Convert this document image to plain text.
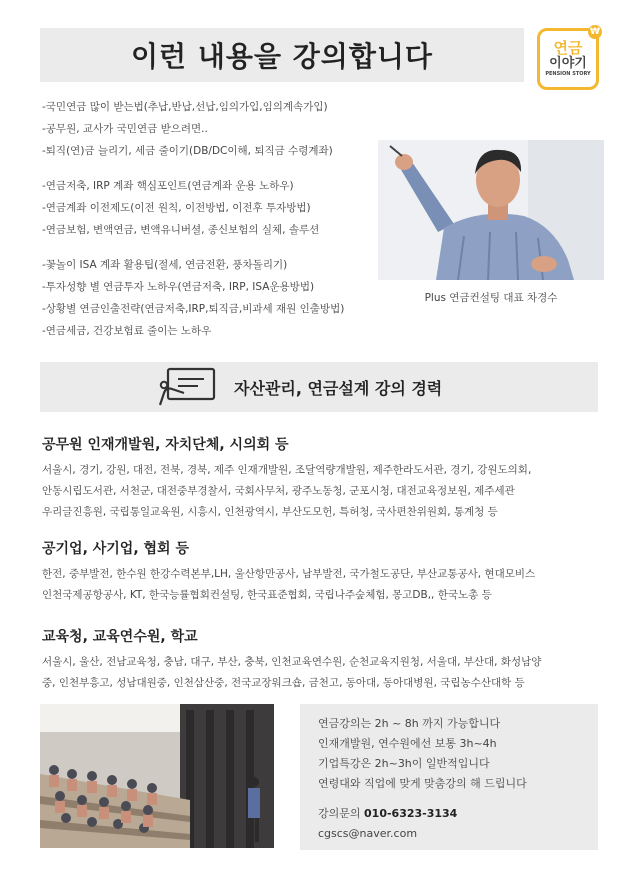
이런 내용을 강의합니다
₩
연금
이야기
PENSION STORY

-국민연금 많이 받는법(추납,반납,선납,임의가입,임의계속가입)

-공무원, 교사가 국민연금 받으려면..

-퇴직(연)금 늘리기, 세금 줄이기(DB/DC이해, 퇴직금 수령계좌)

-연금저축, IRP 계좌 핵심포인트(연금계좌 운용 노하우)

-연금계좌 이전제도(이전 원칙, 이전방법, 이전후 투자방법)

-연금보험, 변액연금, 변액유니버셜, 종신보험의 실체, 솔루션

-꽃놀이 ISA 계좌 활용팁(절세, 연금전환, 풍차돌리기)

-투자성향 별 연금투자 노하우(연금저축, IRP, ISA운용방법)

-상황별 연금인출전략(연금저축,IRP,퇴직금,비과세 재원 인출방법)

-연금세금, 건강보험료 줄이는 노하우

Plus 연금컨설팅 대표 차경수

자산관리, 연금설계 강의 경력
공무원 인재개발원, 자치단체, 시의회 등

서울시, 경기, 강원, 대전, 전북, 경북, 제주 인재개발원, 조달역량개발원, 제주한라도서관, 경기, 강원도의회,

안동시립도서관, 서천군, 대전중부경찰서, 국회사무처, 광주노동청, 군포시청, 대전교육정보원, 제주세관

우리글진흥원, 국립통일교육원, 시흥시, 인천광역시, 부산도모헌, 특허청, 국사편찬위원회, 통계청 등

공기업, 사기업, 협회 등

한전, 중부발전, 한수원 한강수력본부,LH, 울산항만공사, 남부발전, 국가철도공단, 부산교통공사, 현대모비스

인천국제공항공사, KT, 한국능률협회컨설팅, 한국표준협회, 국립나주숲체험, 몽고DB,, 한국노총 등

교육청, 교육연수원, 학교

서울시, 울산, 전남교육청, 충남, 대구, 부산, 충북, 인천교육연수원, 순천교육지원청, 서울대, 부산대, 화성남양

중, 인천부흥고, 성남대원중, 인천삼산중, 전국교장워크숍, 금천고, 동아대, 동아대병원, 국립농수산대학 등

연금강의는 2h ~ 8h 까지 가능합니다

인재개발원, 연수원에선 보통 3h~4h

기업특강은 2h~3h이 일반적입니다

연령대와 직업에 맞게 맞춤강의 해 드립니다

강의문의 010-6323-3134

cgscs@naver.com
